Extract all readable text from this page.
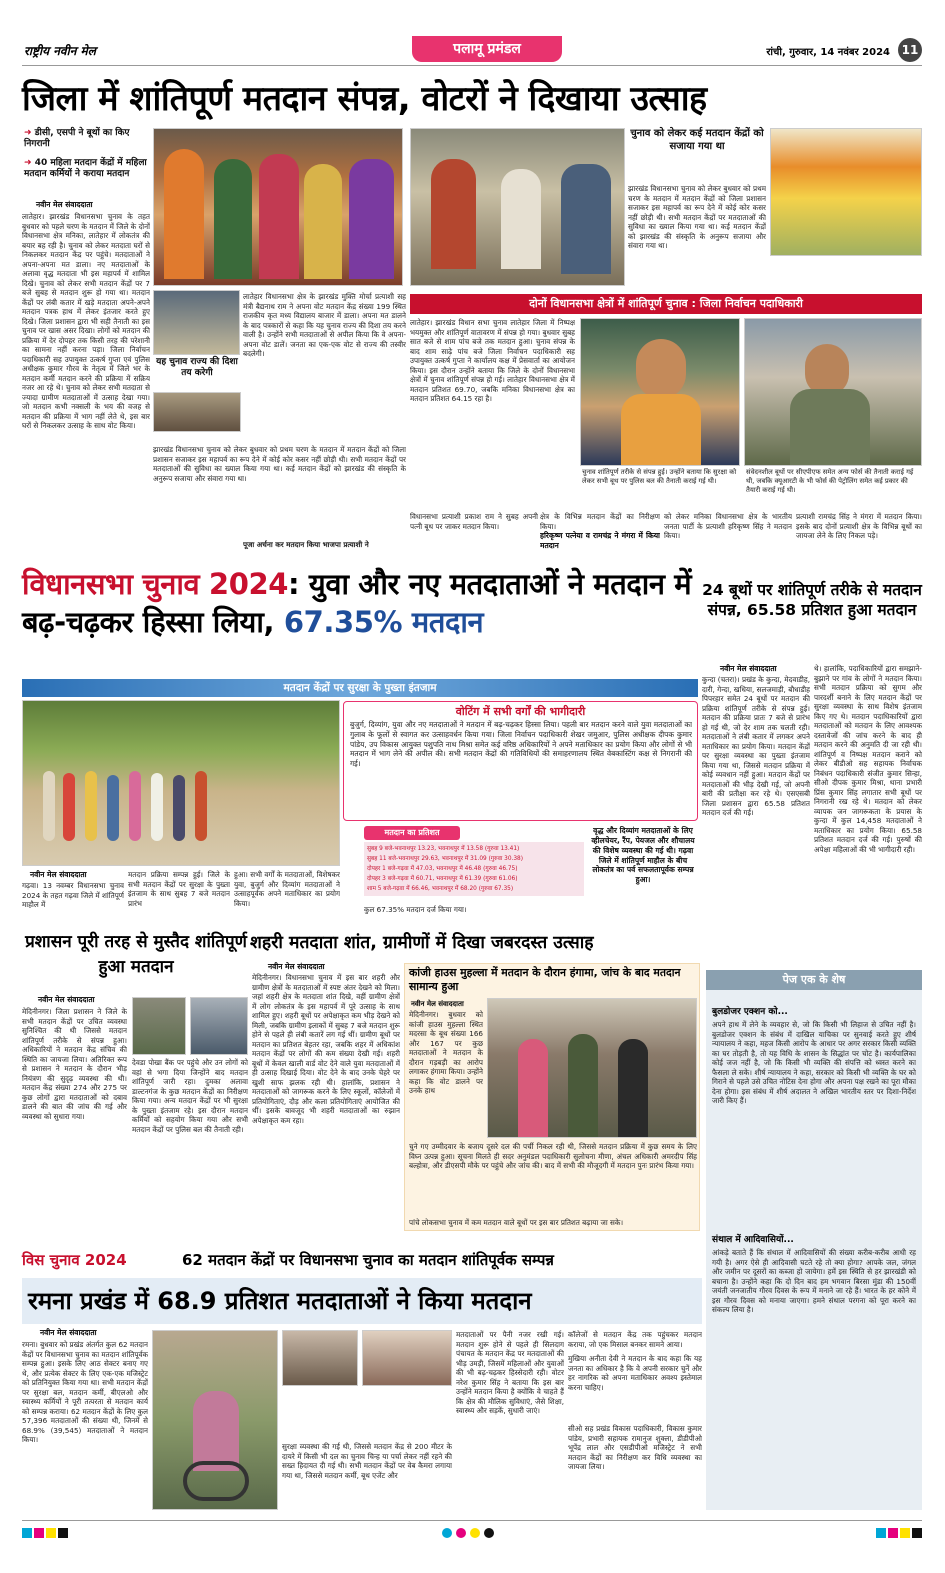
राष्ट्रीय नवीन मेल	पलामू प्रमंडल	रांची, गुरुवार, 14 नवंबर 2024 11
जिला में शांतिपूर्ण मतदान संपन्न, वोटरों ने दिखाया उत्साह
➜ डीसी, एसपी ने बूथों का किए निगरानी
➜ 40 महिला मतदान केंद्रों में महिला मतदान कर्मियों ने कराया मतदान
नवीन मेल संवाददाता
लातेहार। झारखंड विधानसभा चुनाव के तहत बुधवार को पहले चरण के मतदान में जिले के दोनों विधानसभा क्षेत्र मनिका, लातेहार में लोकतंत्र की बयार बह रही है। चुनाव को लेकर मतदाता घरों से निकलकर मतदान केंद्र पर पहुंचे। मतदाताओं ने अपना-अपना मत डाला। नए मतदाताओं के अलावा वृद्ध मतदाता भी इस महापर्व में शामिल दिखे। चुनाव को लेकर सभी मतदान केंद्रों पर 7 बजे सुबह से मतदान शुरू हो गया था। मतदान केंद्रों पर लंबी कतार में खड़े मतदाता अपने-अपने मतदान पत्रक हाथ में लेकर इंतजार करते हुए दिखे। जिला प्रशासन द्वारा भी सही तैनाती का इस चुनाव पर खास असर दिखा। लोगों को मतदान की प्रक्रिया में देर दोपहर तक किसी तरह की परेशानी का सामना नहीं करना पड़ा। जिला निर्वाचन पदाधिकारी सह उपायुक्त उत्कर्ष गुप्ता एवं पुलिस अधीक्षक कुमार गौरव के नेतृत्व में जिले भर के मतदान कर्मी मतदान करने की प्रक्रिया में सक्रिय नजर आ रहे थे। चुनाव को लेकर सभी मतदाता से ज्यादा ग्रामीण मतदाताओं में उत्साह देखा गया। जो मतदान कभी नक्सली के भय की वजह से मतदान की प्रक्रिया में भाग नहीं लेते थे, इस बार घरों से निकलकर उत्साह के साथ वोट किया।
चुनाव को लेकर कई मतदान केंद्रों को सजाया गया था
झारखंड विधानसभा चुनाव को लेकर बुधवार को प्रथम चरण के मतदान में मतदान केंद्रों को जिला प्रशासन सजाकर इस महापर्व का रूप देने में कोई कोर कसर नहीं छोड़ी थी। सभी मतदान केंद्रों पर मतदाताओं की सुविधा का ख्याल किया गया था। कई मतदान केंद्रों को झारखंड की संस्कृति के अनुरूप सजाया और संवारा गया था।
यह चुनाव राज्य की दिशा तय करेगी
लातेहार विधानसभा क्षेत्र के झारखंड मुक्ति मोर्चा प्रत्याशी सह मंत्री बैद्यनाथ राम ने अपना वोट मतदान केंद्र संख्या 199 स्थित राजकीय कृत मध्य विद्यालय बाजार में डाला। अपना मत डालने के बाद पत्रकारों से कहा कि यह चुनाव राज्य की दिशा तय करने वाली है। उन्होंने सभी मतदाताओं से अपील किया कि वे अपना-अपना वोट डालें। जनता का एक-एक वोट से राज्य की तस्वीर बदलेगी।
पूजा अर्चना कर मतदान किया भाजपा प्रत्याशी ने
झारखंड विधानसभा चुनाव को लेकर बुधवार को प्रथम चरण के मतदान में मतदान केंद्रों को जिला प्रशासन सजाकर इस महापर्व का रूप देने में कोई कोर कसर नहीं छोड़ी थी। सभी मतदान केंद्रों पर मतदाताओं की सुविधा का ख्याल किया गया था। कई मतदान केंद्रों को झारखंड की संस्कृति के अनुरूप सजाया और संवारा गया था।
दोनों विधानसभा क्षेत्रों में शांतिपूर्ण चुनाव : जिला निर्वाचन पदाधिकारी
लातेहार। झारखंड विधान सभा चुनाव लातेहार जिला में निष्पक्ष भयमुक्त और शांतिपूर्ण वातावरण में संपन्न हो गया। बुधवार सुबह सात बजे से शाम पांच बजे तक मतदान हुआ। चुनाव संपन्न के बाद शाम साढ़े पांच बजे जिला निर्वाचन पदाधिकारी सह उपायुक्त उत्कर्ष गुप्ता ने कार्यालय कक्ष में प्रेसवार्ता का आयोजन किया। इस दौरान उन्होंने बताया कि जिले के दोनों विधानसभा क्षेत्रों में चुनाव शांतिपूर्ण संपन्न हो गई। लातेहार विधानसभा क्षेत्र में मतदान प्रतिशत 69.70, जबकि मनिका विधानसभा क्षेत्र का मतदान प्रतिशत 64.15 रहा है।
चुनाव शांतिपूर्ण तरीके से संपन्न हुई। उन्होंने बताया कि सुरक्षा को लेकर सभी बूथ पर पुलिस बल की तैनाती कराई गई थी।
संवेदनशील बूथों पर सीएपीएफ समेत अन्य फोर्स की तैनाती कराई गई थी, जबकि क्यूआरटी के भी फोर्स की पेट्रोलिंग समेत कई प्रकार की तैयारी कराई गई थी।
विधानसभा प्रत्याशी प्रकाश राम ने सुबह अपनी पत्नी बूथ पर जाकर मतदान किया।
क्षेत्र के विभिन्न मतदान केंद्रों का निरीक्षण किया।
हरिकृष्ण पत्नेया व रामचंद्र ने मंगरा में किया मतदान
को लेकर मनिका विधानसभा क्षेत्र के भारतीय जनता पार्टी के प्रत्याशी हरिकृष्ण सिंह ने मतदान किया।
प्रत्याशी रामचंद्र सिंह ने मंगरा में मतदान किया। इसके बाद दोनों प्रत्याशी क्षेत्र के विभिन्न बूथों का जायजा लेने के लिए निकल पड़े।
विधानसभा चुनाव 2024: युवा और नए मतदाताओं ने मतदान में बढ़-चढ़कर हिस्सा लिया, 67.35% मतदान
मतदान केंद्रों पर सुरक्षा के पुख्ता इंतजाम
नवीन मेल संवाददाता
गढ़वा। 13 नवम्बर विधानसभा चुनाव 2024 के तहत गढ़वा जिले में शांतिपूर्ण माहौल में
मतदान प्रक्रिया सम्पन्न हुई। जिले के सभी मतदान केंद्रों पर सुरक्षा के पुख्ता इंतजाम के साथ सुबह 7 बजे मतदान प्रारंभ
हुआ। सभी वर्गों के मतदाताओं, विशेषकर युवा, बुजुर्ग और दिव्यांग मतदाताओं ने उत्साहपूर्वक अपने मताधिकार का प्रयोग किया।
वोटिंग में सभी वर्गों की भागीदारी
बुजुर्ग, दिव्यांग, युवा और नए मतदाताओं ने मतदान में बढ़-चढ़कर हिस्सा लिया। पहली बार मतदान करने वाले युवा मतदाताओं का गुलाब के फूलों से स्वागत कर उत्साहवर्धन किया गया। जिला निर्वाचन पदाधिकारी शेखर जमुआर, पुलिस अधीक्षक दीपक कुमार पांडेय, उप विकास आयुक्त पशुपति नाथ मिश्रा समेत कई वरिष्ठ अधिकारियों ने अपने मताधिकार का प्रयोग किया और लोगों से भी मतदान में भाग लेने की अपील की। सभी मतदान केंद्रों की गतिविधियों की समाहरणालय स्थित वेबकास्टिंग कक्ष से निगरानी की गई।
मतदान का प्रतिशत
सुबह 9 बजे-भवनाथपुर 13.23, भवनाथपुर में 13.58 (गुरुवा 13.41)
सुबह 11 बजे-भवनाथपुर 29.63, भवनाथपुर में 31.09 (गुरुवा 30.38)
दोपहर 1 बजे-गढ़वा में 47.03, भवनाथपुर में 46.48 (गुरुवा 46.75)
दोपहर 3 बजे-गढ़वा में 60.71, भवनाथपुर में 61.39 (गुरुवा 61.06)
शाम 5 बजे-गढ़वा में 66.46, भवनाथपुर में 68.20 (गुरुवा 67.35)
कुल 67.35% मतदान दर्ज किया गया।
वृद्ध और दिव्यांग मतदाताओं के लिए व्हीलचेयर, रैंप, पेयजल और शौचालय की विशेष व्यवस्था की गई थी। गढ़वा जिले में शांतिपूर्ण माहौल के बीच लोकतंत्र का पर्व सफलतापूर्वक सम्पन्न हुआ।
24 बूथों पर शांतिपूर्ण तरीके से मतदान संपन्न, 65.58 प्रतिशत हुआ मतदान
नवीन मेल संवाददाता
कुन्दा (चतरा)। प्रखंड के कुन्दा, मेदवाडीह, दारी, गेन्दा, खधिया, सलजमाड़ी, बौधाडीह पिपरहार समेत 24 बूथों पर मतदान की प्रक्रिया शांतिपूर्ण तरीके से संपन्न हुई। मतदान की प्रक्रिया प्रातः 7 बजे से प्रारंभ हो गई थी, जो देर शाम तक चलती रही। मतदाताओं ने लंबी कतार में लगकर अपने मताधिकार का प्रयोग किया। मतदान केंद्रों पर सुरक्षा व्यवस्था का पुख्ता इंतजाम किया गया था, जिससे मतदान प्रक्रिया में कोई व्यवधान नहीं हुआ। मतदान केंद्रों पर मतदाताओं की भीड़ देखी गई, जो अपनी बारी की प्रतीक्षा कर रहे थे। एसएसबी जिला प्रशासन द्वारा 65.58 प्रतिशत मतदान दर्ज की गई।
थे। हालांकि, पदाधिकारियों द्वारा समझाने-बुझाने पर गांव के लोगों ने मतदान किया। सभी मतदान प्रक्रिया को सुगम और पारदर्शी बनाने के लिए मतदान केंद्रों पर सुरक्षा व्यवस्था के साथ विशेष इंतजाम किए गए थे। मतदान पदाधिकारियों द्वारा मतदाताओं को मतदान के लिए आवश्यक दस्तावेजों की जांच करने के बाद ही मतदान करने की अनुमति दी जा रही थी। शांतिपूर्ण व निष्पक्ष मतदान कराने को लेकर बीडीओ सह सहायक निर्वाचक निबंधन पदाधिकारी संजीत कुमार सिन्हा, सीओ दीपक कुमार मिश्रा, थाना प्रभारी प्रिंस कुमार सिंह लगातार सभी बूथों पर निगरानी रख रहे थे। मतदान को लेकर व्यापक जन जागरूकता के प्रयास के कुन्दा में कुल 14,458 मतदाताओं ने मताधिकार का प्रयोग किया। 65.58 प्रतिशत मतदान दर्ज की गई। पुरुषों की अपेक्षा महिलाओं की भी भागीदारी रही।
प्रशासन पूरी तरह से मुस्तैद शांतिपूर्ण हुआ मतदान
नवीन मेल संवाददाता
मेदिनीनगर। जिला प्रशासन ने जिले के सभी मतदान केंद्रों पर उचित व्यवस्था सुनिश्चित की थी जिससे मतदान शांतिपूर्ण तरीके से संपन्न हुआ। अधिकारियों ने मतदान केंद्र संचिव की स्थिति का जायजा लिया। अतिरिक्त रूप से प्रशासन ने मतदान के दौरान भीड़ नियंत्रण की सुदृढ़ व्यवस्था की थी। मतदान केंद्र संख्या 274 और 275 पर कुछ लोगों द्वारा मतदाताओं को दबाव डालने की बात की जांच की गई और व्यवस्था को सुधारा गया।
देवडा पोखा बैंक पर पहुंचे और उन लोगों को वहां से भगा दिया जिन्होंने बाद मतदान शांतिपूर्ण जारी रहा। दुमका अलावा डाल्टनगंज के कुछ मतदान केंद्रों का निरीक्षण किया गया। अन्य मतदान केंद्रों पर भी सुरक्षा के पुख्ता इंतजाम रहे। इस दौरान मतदान कर्मियों को सहयोग किया गया और सभी मतदान केंद्रों पर पुलिस बल की तैनाती रही।
शहरी मतदाता शांत, ग्रामीणों में दिखा जबरदस्त उत्साह
नवीन मेल संवाददाता
मेदिनीनगर। विधानसभा चुनाव में इस बार शहरी और ग्रामीण क्षेत्रों के मतदाताओं में स्पष्ट अंतर देखने को मिला। जहां शहरी क्षेत्र के मतदाता शांत दिखे, वहीं ग्रामीण क्षेत्रों में लोग लोकतंत्र के इस महापर्व में पूरे उत्साह के साथ शामिल हुए। शहरी बूथों पर अपेक्षाकृत कम भीड़ देखने को मिली, जबकि ग्रामीण इलाकों में सुबह 7 बजे मतदान शुरू होने से पहले ही लंबी कतारें लग गई थीं। ग्रामीण बूथों पर मतदान का प्रतिशत बेहतर रहा, जबकि शहर में अधिकांश मतदान केंद्रों पर लोगों की कम संख्या देखी गई। शहरी बूथों में केवल खाली वार्ड वोट देने वाले युवा मतदाताओं में ही उत्साह दिखाई दिया। वोट देने के बाद उनके चेहरे पर खुशी साफ झलक रही थी। हालांकि, प्रशासन ने मतदाताओं को जागरूक करने के लिए स्कूलों, कॉलेजों में प्रतियोगिताएं, दौड़ और कला प्रतियोगिताएं आयोजित की थीं। इसके बावजूद भी शहरी मतदाताओं का रुझान अपेक्षाकृत कम रहा।
कांजी हाउस मुहल्ला में मतदान के दौरान हंगामा, जांच के बाद मतदान सामान्य हुआ
नवीन मेल संवाददाता
मेदिनीनगर। बुधवार को कांजी हाउस मुहल्ला स्थित मदरसा के बूथ संख्या 166 और 167 पर कुछ मतदाताओं ने मतदान के दौरान गड़बड़ी का आरोप लगाकर हंगामा किया। उन्होंने कहा कि वोट डालने पर उनके हाथ
चुने गए उम्मीदवार के बजाय दूसरे दल की पर्ची निकल रही थी, जिससे मतदान प्रक्रिया में कुछ समय के लिए विघ्न उत्पन्न हुआ। सूचना मिलते ही सदर अनुमंडल पदाधिकारी सुलोचना मीणा, अंचल अधिकारी अमरदीप सिंह बल्होत्रा, और डीएसपी मौके पर पहुंचे और जांच की। बाद में सभी की मौजूदगी में मतदान पुनः प्रारंभ किया गया।
पांचे लोकसभा चुनाव में कम मतदान वाले बूथों पर इस बार प्रतिशत बढ़ाया जा सके।
पेज एक के शेष
बुलडोजर एक्शन को...
अपने हाथ में लेने के व्यवहार से, जो कि किसी भी लिहाज से उचित नहीं है। बुलडोजर एक्शन के संबंध में दाखिल याचिका पर सुनवाई करते हुए शीर्ष न्यायालय ने कहा, महज किसी आरोप के आधार पर अगर सरकार किसी व्यक्ति का घर तोड़ती है, तो यह विधि के शासन के सिद्धांत पर चोट है। कार्यपालिका कोई जज नहीं है, जो कि किसी भी व्यक्ति की संपत्ति को ध्वस्त करने का फैसला ले सके। शीर्ष न्यायालय ने कहा, सरकार को किसी भी व्यक्ति के घर को गिराने से पहले उसे उचित नोटिस देना होगा और अपना पक्ष रखने का पूरा मौका देना होगा। इस संबंध में शीर्ष अदालत ने अखिल भारतीय स्तर पर दिशा-निर्देश जारी किए हैं।
संथाल में आदिवासियों...
आंकड़े बताते हैं कि संथाल में आदिवासियों की संख्या करीब-करीब आधी रह गयी है। अगर ऐसे ही आदिवासी घटते रहे तो क्या होगा? आपके जल, जंगल और जमीन पर दूसरों का कब्जा हो जायेगा। हमें इस स्थिति से हर झारखंडी को बचाना है। उन्होंने कहा कि दो दिन बाद हम भगवान बिरसा मुंडा की 150वीं जयंती जनजातीय गौरव दिवस के रूप में मनाने जा रहे हैं। भारत के हर कोने में इस गौरव दिवस को मनाया जाएगा। हमने संथाल परगना को पूरा करने का संकल्प लिया है।
विस चुनाव 2024	62 मतदान केंद्रों पर विधानसभा चुनाव का मतदान शांतिपूर्वक सम्पन्न
रमना प्रखंड में 68.9 प्रतिशत मतदाताओं ने किया मतदान
नवीन मेल संवाददाता
रमना। बुधवार को प्रखंड अंतर्गत कुल 62 मतदान केंद्रों पर विधानसभा चुनाव का मतदान शांतिपूर्वक सम्पन्न हुआ। इसके लिए आठ सेक्टर बनाए गए थे, और प्रत्येक सेक्टर के लिए एक-एक मजिस्ट्रेट को प्रतिनियुक्त किया गया था। सभी मतदान केंद्रों पर सुरक्षा बल, मतदान कर्मी, बीएलओ और स्वास्थ्य कर्मियों ने पूरी तत्परता से मतदान कार्य को सम्पन्न कराया। 62 मतदान केंद्रों के लिए कुल 57,396 मतदाताओं की संख्या थी, जिनमें से 68.9% (39,545) मतदाताओं ने मतदान किया।
सुरक्षा व्यवस्था की गई थी, जिससे मतदान केंद्र से 200 मीटर के दायरे में किसी भी दल का चुनाव चिन्ह या पर्चा लेकर नहीं रहने की सख्त हिदायत दी गई थी। सभी मतदान केंद्रों पर वेब कैमरा लगाया गया था, जिससे मतदान कर्मी, बूथ एजेंट और
मतदाताओं पर पैनी नजर रखी गई। मतदान शुरू होने से पहले ही सिलदाग पंचायत के मतदान केंद्र पर मतदाताओं की भीड़ उमड़ी, जिसमें महिलाओं और युवाओं की भी बढ़-चढ़कर हिस्सेदारी रही। वोटर नरेश कुमार सिंह ने बताया कि इस बार उन्होंने मतदान किया है क्योंकि वे चाहते हैं कि क्षेत्र की मौलिक सुविधाएं, जैसे शिक्षा, स्वास्थ्य और सड़कें, सुधारी जाएं।
कॉलेजों से मतदान केंद्र तक पहुंचकर मतदान कराया, जो एक मिसाल बनकर सामने आया।
मुखिया अनीता देवी ने मतदान के बाद कहा कि यह जनता का अधिकार है कि वे अपनी सरकार चुनें और हर नागरिक को अपना मताधिकार अवश्य इस्तेमाल करना चाहिए।
सीओ सह प्रखंड विकास पदाधिकारी, विकास कुमार पांडेय, प्रभारी सहायक रामानुज शुक्ला, डीडीपीओ भूपेंद्र लाल और एसडीपीओ मजिस्ट्रेट ने सभी मतदान केंद्रों का निरीक्षण कर विधि व्यवस्था का जायजा लिया।
